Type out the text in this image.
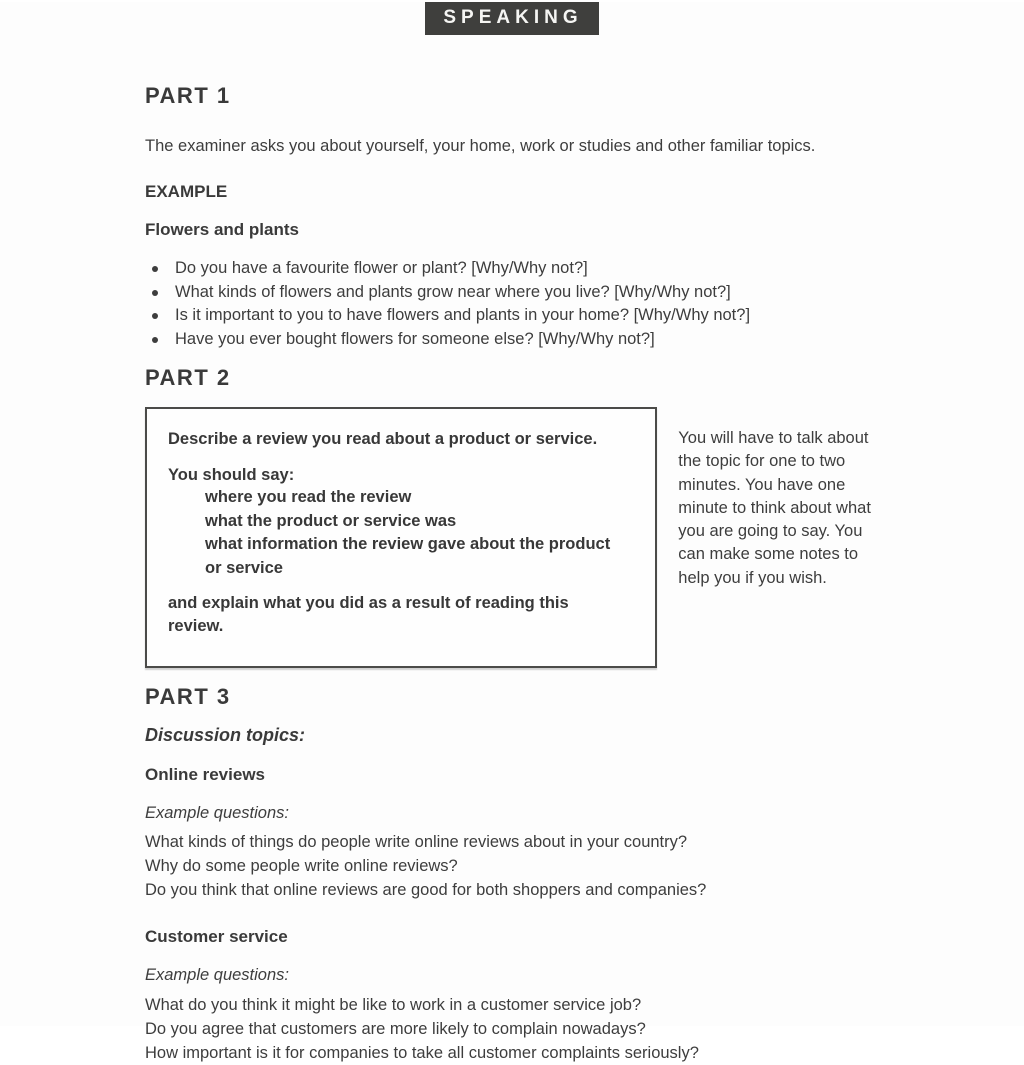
SPEAKING
PART 1

The examiner asks you about yourself, your home, work or studies and other familiar topics.

EXAMPLE
Flowers and plants
Do you have a favourite flower or plant? [Why/Why not?]
What kinds of flowers and plants grow near where you live? [Why/Why not?]
Is it important to you to have flowers and plants in your home? [Why/Why not?]
Have you ever bought flowers for someone else? [Why/Why not?]
PART 2

Describe a review you read about a product or service.

You should say:

where you read the review

what the product or service was

what information the review gave about the product or service

and explain what you did as a result of reading this review.

You will have to talk about the topic for one to two minutes. You have one minute to think about what you are going to say. You can make some notes to help you if you wish.
PART 3
Discussion topics:
Online reviews
Example questions:

What kinds of things do people write online reviews about in your country?

Why do some people write online reviews?

Do you think that online reviews are good for both shoppers and companies?

Customer service
Example questions:

What do you think it might be like to work in a customer service job?

Do you agree that customers are more likely to complain nowadays?

How important is it for companies to take all customer complaints seriously?
